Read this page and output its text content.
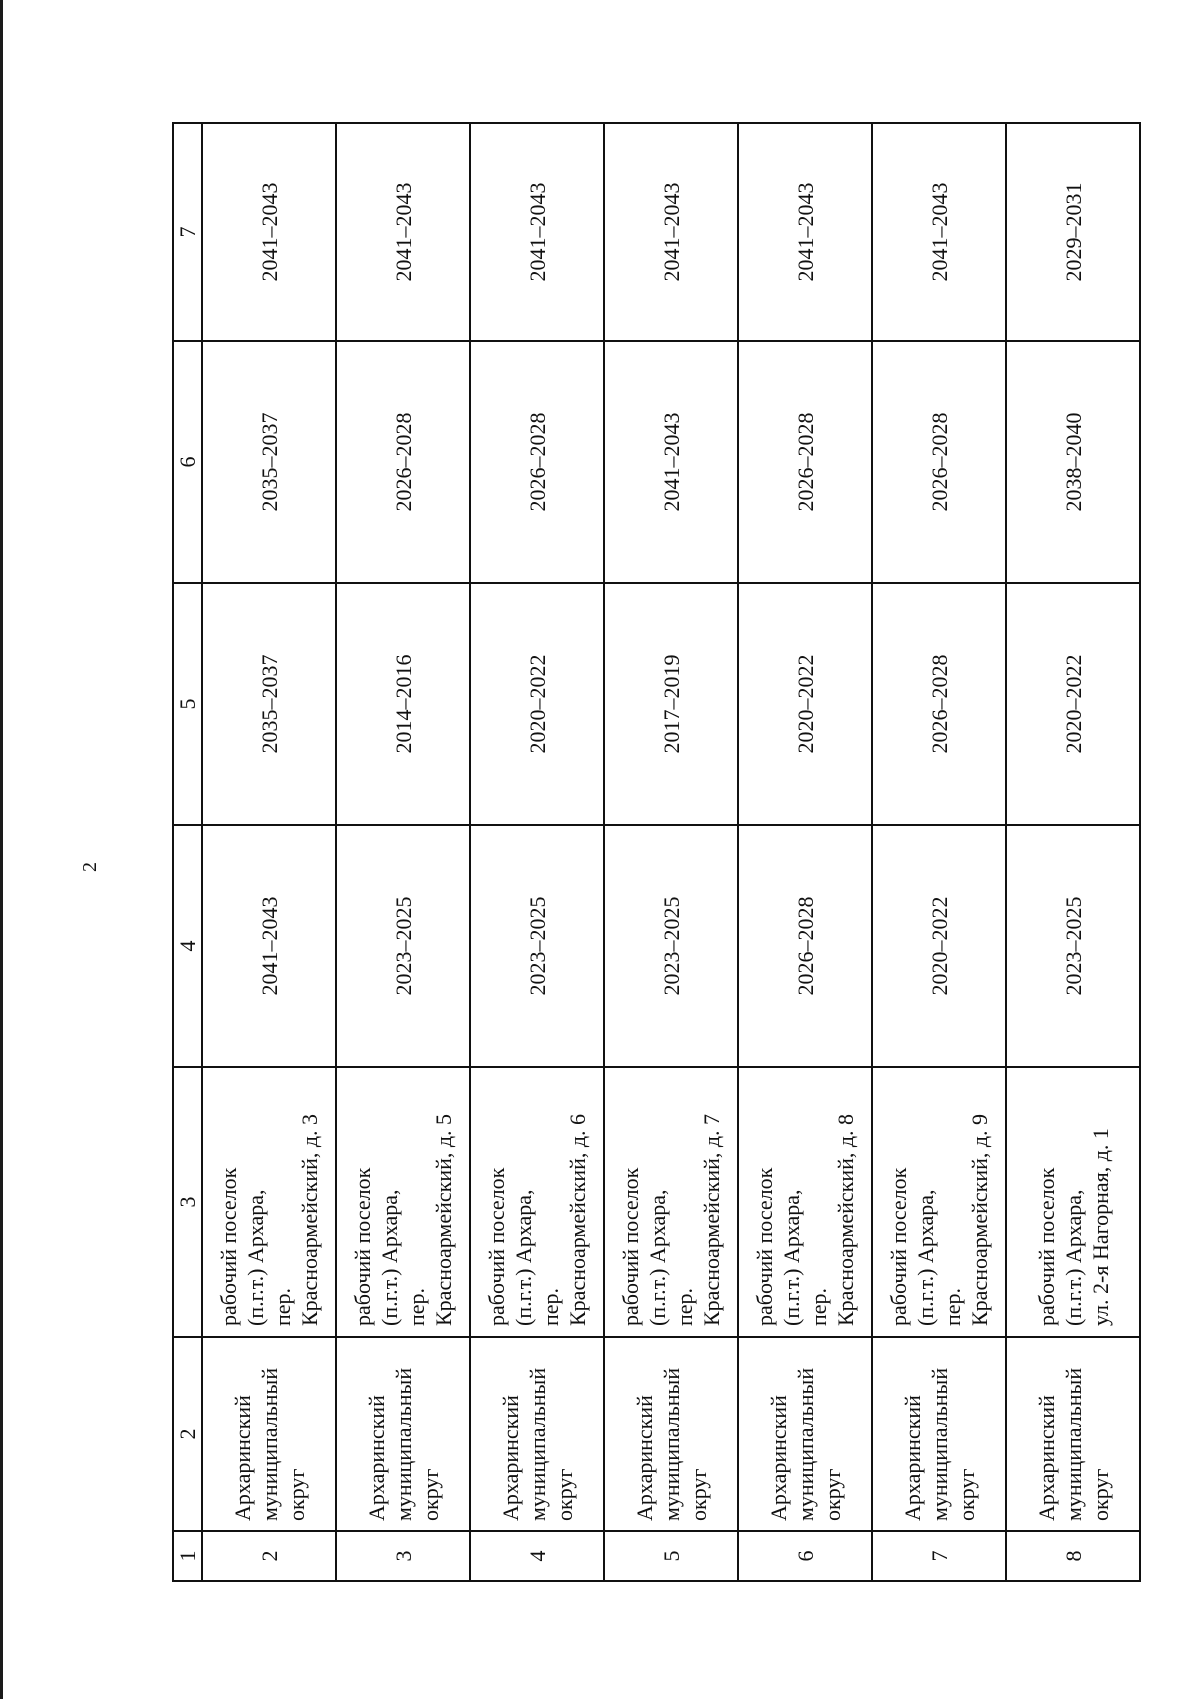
2
1	2	3	4	5	6	7
2	Архаринский муниципальный округ	рабочий поселок (п.г.т.) Архара, пер. Красноармейский, д. 3	2041–2043	2035–2037	2035–2037	2041–2043
3	Архаринский муниципальный округ	рабочий поселок (п.г.т.) Архара, пер. Красноармейский, д. 5	2023–2025	2014–2016	2026–2028	2041–2043
4	Архаринский муниципальный округ	рабочий поселок (п.г.т.) Архара, пер. Красноармейский, д. 6	2023–2025	2020–2022	2026–2028	2041–2043
5	Архаринский муниципальный округ	рабочий поселок (п.г.т.) Архара, пер. Красноармейский, д. 7	2023–2025	2017–2019	2041–2043	2041–2043
6	Архаринский муниципальный округ	рабочий поселок (п.г.т.) Архара, пер. Красноармейский, д. 8	2026–2028	2020–2022	2026–2028	2041–2043
7	Архаринский муниципальный округ	рабочий поселок (п.г.т.) Архара, пер. Красноармейский, д. 9	2020–2022	2026–2028	2026–2028	2041–2043
8	Архаринский муниципальный округ	рабочий поселок (п.г.т.) Архара, ул. 2-я Нагорная, д. 1	2023–2025	2020–2022	2038–2040	2029–2031
